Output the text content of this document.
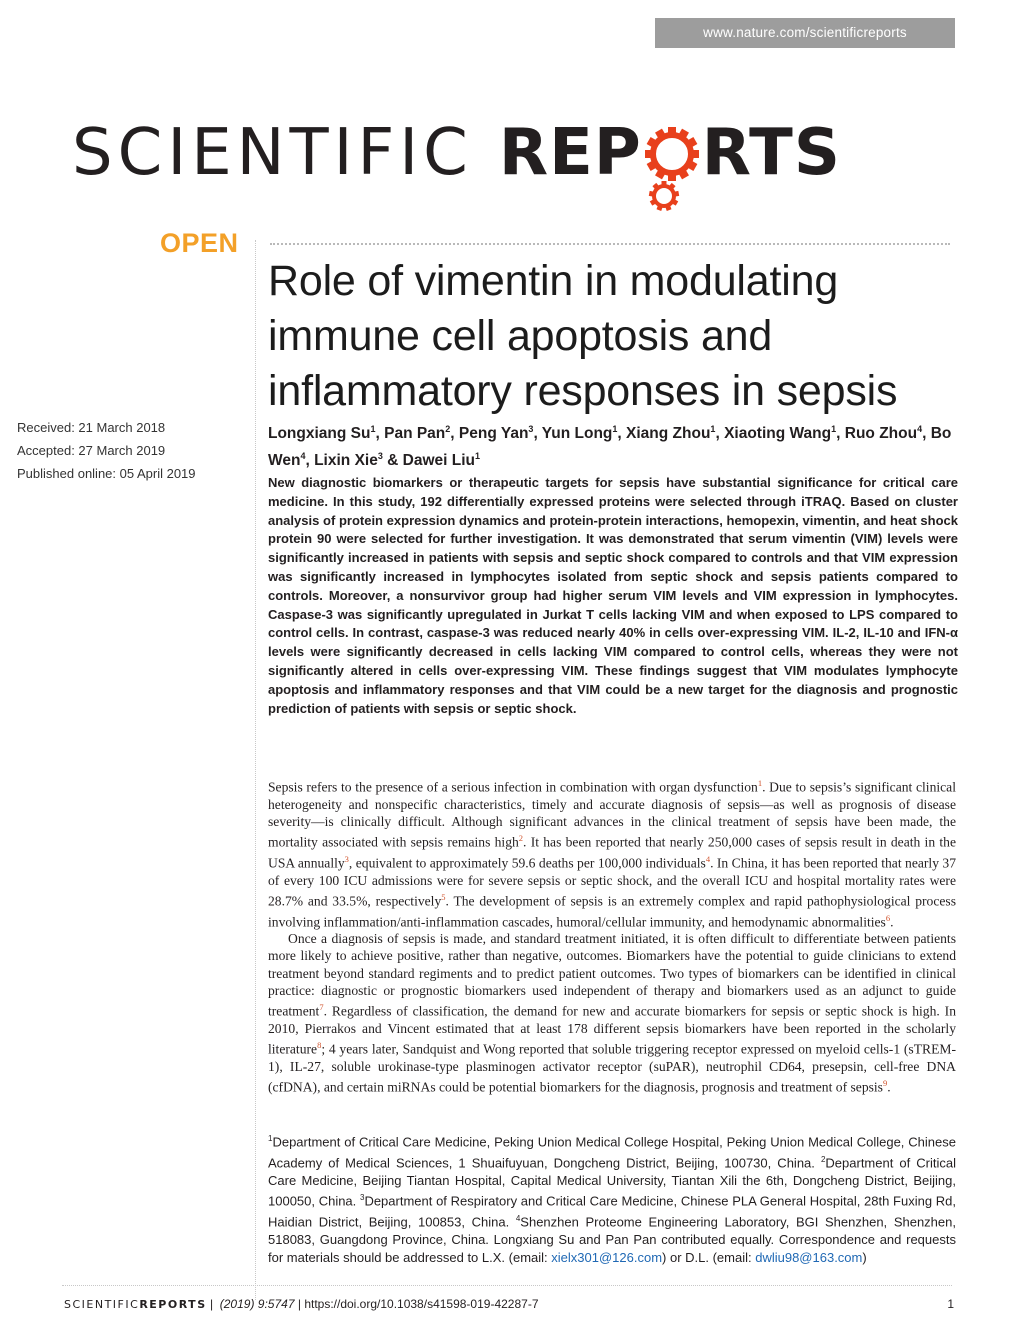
www.nature.com/scientificreports
SCIENTIFIC REP RTS
OPEN
Role of vimentin in modulating immune cell apoptosis and inflammatory responses in sepsis
Received: 21 March 2018
Accepted: 27 March 2019
Published online: 05 April 2019
Longxiang Su$^1$, Pan Pan$^2$, Peng Yan$^3$, Yun Long$^1$, Xiang Zhou$^1$, Xiaoting Wang$^1$, Ruo Zhou$^4$, Bo Wen$^4$, Lixin Xie$^3$ & Dawei Liu$^1$
New diagnostic biomarkers or therapeutic targets for sepsis have substantial significance for critical care medicine. In this study, 192 differentially expressed proteins were selected through iTRAQ. Based on cluster analysis of protein expression dynamics and protein-protein interactions, hemopexin, vimentin, and heat shock protein 90 were selected for further investigation. It was demonstrated that serum vimentin (VIM) levels were significantly increased in patients with sepsis and septic shock compared to controls and that VIM expression was significantly increased in lymphocytes isolated from septic shock and sepsis patients compared to controls. Moreover, a nonsurvivor group had higher serum VIM levels and VIM expression in lymphocytes. Caspase-3 was significantly upregulated in Jurkat T cells lacking VIM and when exposed to LPS compared to control cells. In contrast, caspase-3 was reduced nearly 40% in cells over-expressing VIM. IL-2, IL-10 and IFN-α levels were significantly decreased in cells lacking VIM compared to control cells, whereas they were not significantly altered in cells over-expressing VIM. These findings suggest that VIM modulates lymphocyte apoptosis and inflammatory responses and that VIM could be a new target for the diagnosis and prognostic prediction of patients with sepsis or septic shock.

Sepsis refers to the presence of a serious infection in combination with organ dysfunction$^1$. Due to sepsis’s significant clinical heterogeneity and nonspecific characteristics, timely and accurate diagnosis of sepsis—as well as prognosis of disease severity—is clinically difficult. Although significant advances in the clinical treatment of sepsis have been made, the mortality associated with sepsis remains high$^2$. It has been reported that nearly 250,000 cases of sepsis result in death in the USA annually$^3$, equivalent to approximately 59.6 deaths per 100,000 individuals$^4$. In China, it has been reported that nearly 37 of every 100 ICU admissions were for severe sepsis or septic shock, and the overall ICU and hospital mortality rates were 28.7% and 33.5%, respectively$^5$. The development of sepsis is an extremely complex and rapid pathophysiological process involving inflammation/anti-inflammation cascades, humoral/cellular immunity, and hemodynamic abnormalities$^6$.

Once a diagnosis of sepsis is made, and standard treatment initiated, it is often difficult to differentiate between patients more likely to achieve positive, rather than negative, outcomes. Biomarkers have the potential to guide clinicians to extend treatment beyond standard regiments and to predict patient outcomes. Two types of biomarkers can be identified in clinical practice: diagnostic or prognostic biomarkers used independent of therapy and biomarkers used as an adjunct to guide treatment$^7$. Regardless of classification, the demand for new and accurate biomarkers for sepsis or septic shock is high. In 2010, Pierrakos and Vincent estimated that at least 178 different sepsis biomarkers have been reported in the scholarly literature$^8$; 4 years later, Sandquist and Wong reported that soluble triggering receptor expressed on myeloid cells-1 (sTREM-1), IL-27, soluble urokinase-type plasminogen activator receptor (suPAR), neutrophil CD64, presepsin, cell-free DNA (cfDNA), and certain miRNAs could be potential biomarkers for the diagnosis, prognosis and treatment of sepsis$^9$.

$^1$Department of Critical Care Medicine, Peking Union Medical College Hospital, Peking Union Medical College, Chinese Academy of Medical Sciences, 1 Shuaifuyuan, Dongcheng District, Beijing, 100730, China. $^2$Department of Critical Care Medicine, Beijing Tiantan Hospital, Capital Medical University, Tiantan Xili the 6th, Dongcheng District, Beijing, 100050, China. $^3$Department of Respiratory and Critical Care Medicine, Chinese PLA General Hospital, 28th Fuxing Rd, Haidian District, Beijing, 100853, China. $^4$Shenzhen Proteome Engineering Laboratory, BGI Shenzhen, Shenzhen, 518083, Guangdong Province, China. Longxiang Su and Pan Pan contributed equally. Correspondence and requests for materials should be addressed to L.X. (email: xielx301@126.com) or D.L. (email: dwliu98@163.com)
SCIENTIFICREPORTS | (2019) 9:5747 | https://doi.org/10.1038/s41598-019-42287-7	1
